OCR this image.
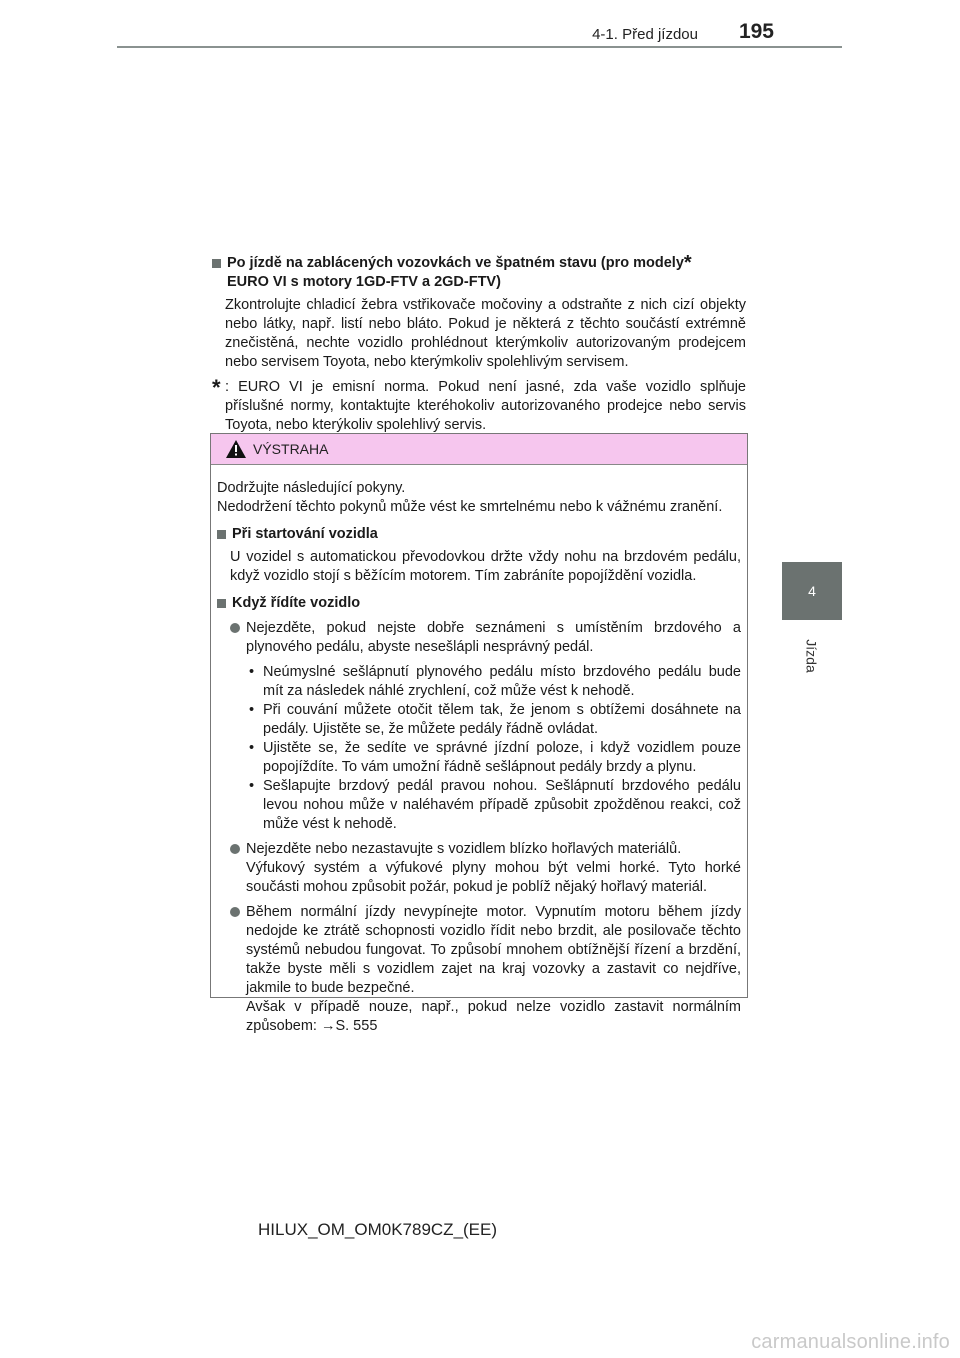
4-1. Před jízdou	195
4
Jízda
Po jízdě na zablácených vozovkách ve špatném stavu (pro modely*
EURO VI s motory 1GD-FTV a 2GD-FTV)
Zkontrolujte chladicí žebra vstřikovače močoviny a odstraňte z nich cizí objekty nebo látky, např. listí nebo bláto. Pokud je některá z těchto součástí extrémně znečistěná, nechte vozidlo prohlédnout kterýmkoliv autorizovaným prodejcem nebo servisem Toyota, nebo kterýmkoliv spolehlivým servisem.
* : EURO VI je emisní norma. Pokud není jasné, zda vaše vozidlo splňuje příslušné normy, kontaktujte kteréhokoliv autorizovaného prodejce nebo servis Toyota, nebo kterýkoliv spolehlivý servis.
VÝSTRAHA
Dodržujte následující pokyny.
Nedodržení těchto pokynů může vést ke smrtelnému nebo k vážnému zranění.
Při startování vozidla
U vozidel s automatickou převodovkou držte vždy nohu na brzdovém pedálu, když vozidlo stojí s běžícím motorem. Tím zabráníte popojíždění vozidla.
Když řídíte vozidlo
Nejezděte, pokud nejste dobře seznámeni s umístěním brzdového a plynového pedálu, abyste nesešlápli nesprávný pedál.
• Neúmyslné sešlápnutí plynového pedálu místo brzdového pedálu bude mít za následek náhlé zrychlení, což může vést k nehodě.
• Při couvání můžete otočit tělem tak, že jenom s obtížemi dosáhnete na pedály. Ujistěte se, že můžete pedály řádně ovládat.
• Ujistěte se, že sedíte ve správné jízdní poloze, i když vozidlem pouze popojíždíte. To vám umožní řádně sešlápnout pedály brzdy a plynu.
• Sešlapujte brzdový pedál pravou nohou. Sešlápnutí brzdového pedálu levou nohou může v naléhavém případě způsobit zpožděnou reakci, což může vést k nehodě.
Nejezděte nebo nezastavujte s vozidlem blízko hořlavých materiálů.
Výfukový systém a výfukové plyny mohou být velmi horké. Tyto horké součásti mohou způsobit požár, pokud je poblíž nějaký hořlavý materiál.
Během normální jízdy nevypínejte motor. Vypnutím motoru během jízdy nedojde ke ztrátě schopnosti vozidlo řídit nebo brzdit, ale posilovače těchto systémů nebudou fungovat. To způsobí mnohem obtížnější řízení a brzdění, takže byste měli s vozidlem zajet na kraj vozovky a zastavit co nejdříve, jakmile to bude bezpečné.
Avšak v případě nouze, např., pokud nelze vozidlo zastavit normálním způsobem: →S. 555
HILUX_OM_OM0K789CZ_(EE)
carmanualsonline.info
